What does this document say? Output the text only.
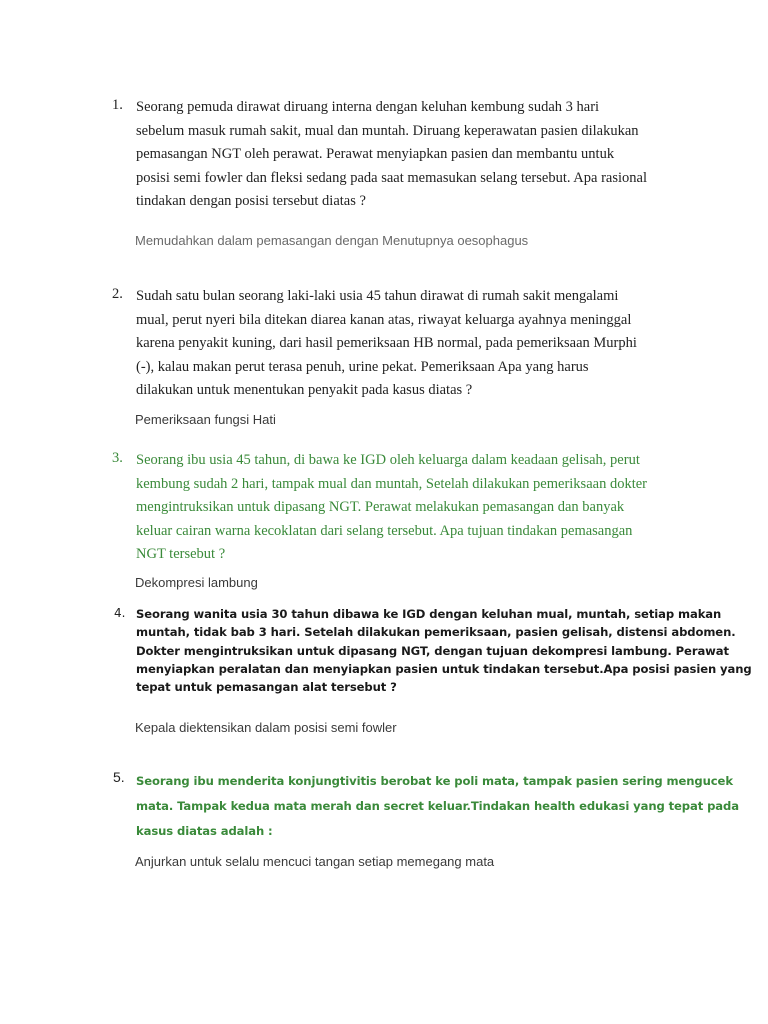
1. Seorang pemuda dirawat diruang interna dengan keluhan kembung sudah 3 hari
sebelum masuk rumah sakit, mual dan muntah. Diruang keperawatan pasien dilakukan
pemasangan NGT oleh perawat. Perawat menyiapkan pasien dan membantu untuk
posisi semi fowler dan fleksi sedang pada saat memasukan selang tersebut. Apa rasional
tindakan dengan posisi tersebut diatas ?
Memudahkan dalam pemasangan dengan Menutupnya oesophagus
2. Sudah satu bulan seorang laki-laki usia 45 tahun dirawat di rumah sakit mengalami
mual, perut nyeri bila ditekan diarea kanan atas, riwayat keluarga ayahnya meninggal
karena penyakit kuning, dari hasil pemeriksaan HB normal, pada pemeriksaan Murphi
(-), kalau makan perut terasa penuh, urine pekat. Pemeriksaan Apa yang harus
dilakukan untuk menentukan penyakit pada kasus diatas ?
Pemeriksaan fungsi Hati
3. Seorang ibu usia 45 tahun, di bawa ke IGD oleh keluarga dalam keadaan gelisah, perut
kembung sudah 2 hari, tampak mual dan muntah, Setelah dilakukan pemeriksaan dokter
mengintruksikan untuk dipasang NGT. Perawat melakukan pemasangan dan banyak
keluar cairan warna kecoklatan dari selang tersebut. Apa tujuan tindakan pemasangan
NGT tersebut ?
Dekompresi lambung
4. Seorang wanita usia 30 tahun dibawa ke IGD dengan keluhan mual, muntah, setiap makan
muntah, tidak bab 3 hari. Setelah dilakukan pemeriksaan, pasien gelisah, distensi abdomen.
Dokter mengintruksikan untuk dipasang NGT, dengan tujuan dekompresi lambung. Perawat
menyiapkan peralatan dan menyiapkan pasien untuk tindakan tersebut.Apa posisi pasien yang
tepat untuk pemasangan alat tersebut ?
Kepala diektensikan dalam posisi semi fowler
5. Seorang ibu menderita konjungtivitis berobat ke poli mata, tampak pasien sering mengucek
mata. Tampak kedua mata merah dan secret keluar.Tindakan health edukasi yang tepat pada
kasus diatas adalah :
Anjurkan untuk selalu mencuci tangan setiap memegang mata
